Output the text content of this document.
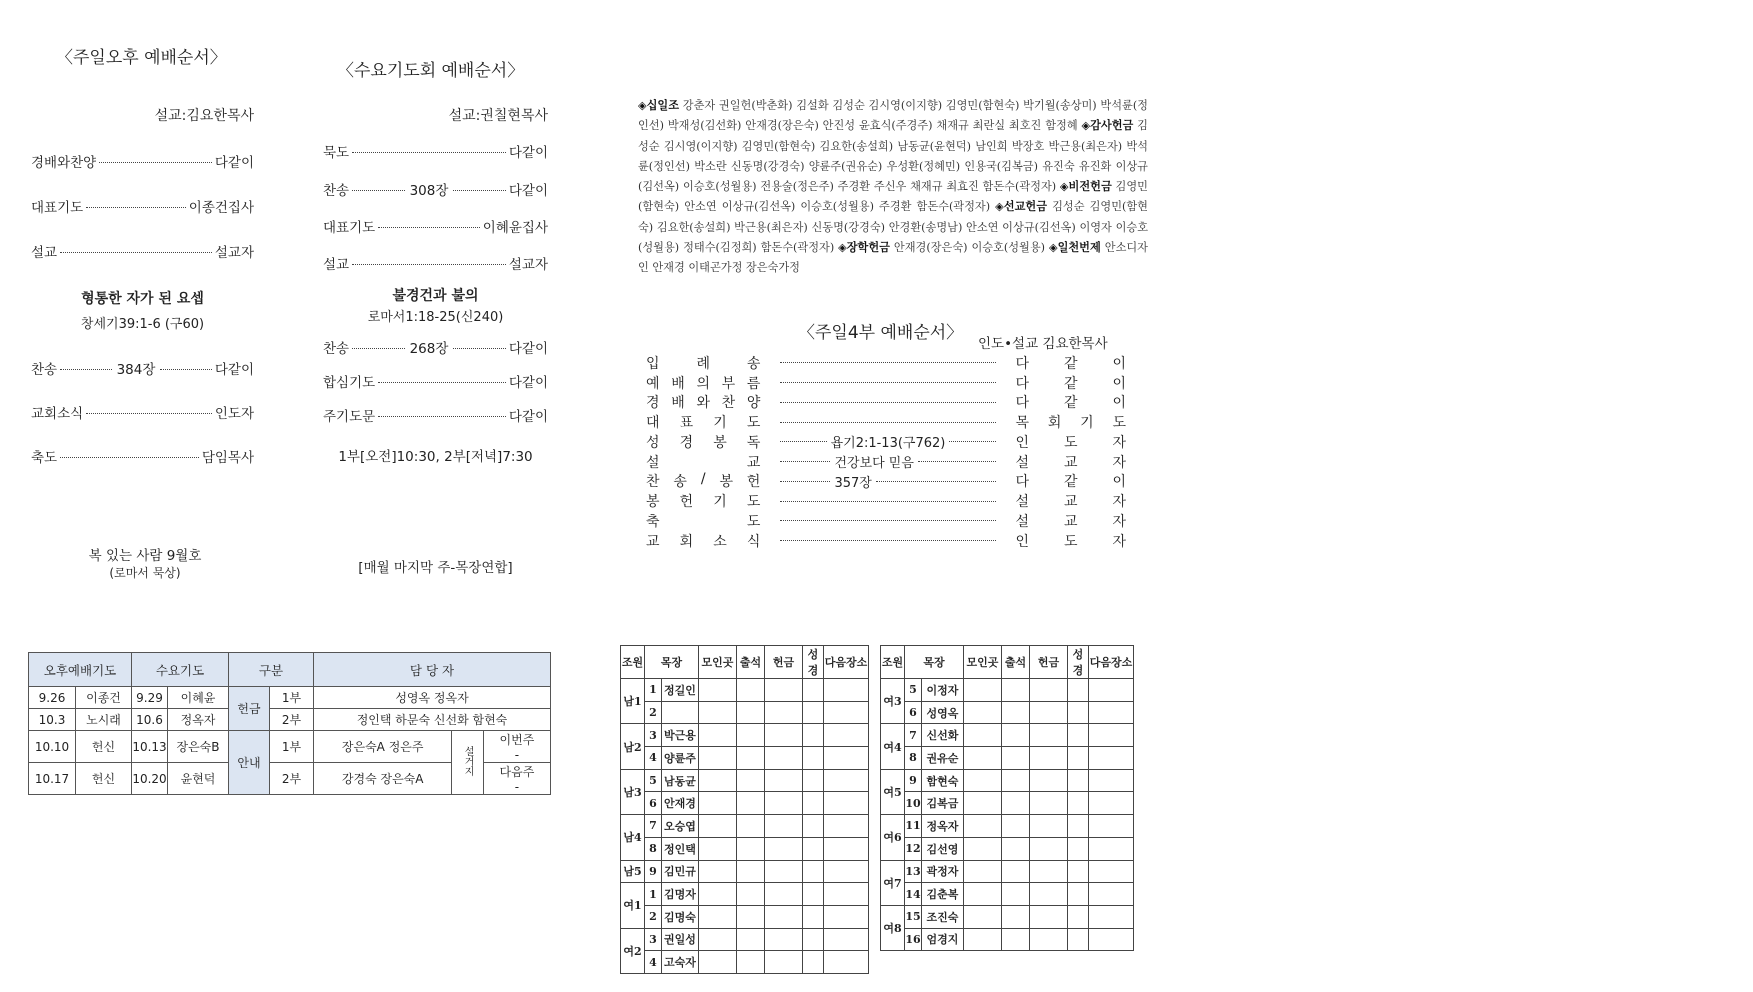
〈주일오후 예배순서〉
설교:김요한목사
경배와찬양	다같이
대표기도	이종건집사
설교	설교자
형통한 자가 된 요셉
창세기39:1-6 (구60)
찬송	384장	다같이
교회소식	인도자
축도	담임목사
복 있는 사람 9월호
(로마서 묵상)
〈수요기도회 예배순서〉
설교:권칠현목사
묵도	다같이
찬송	308장	다같이
대표기도	이혜윤집사
설교	설교자
불경건과 불의
로마서1:18-25(신240)
찬송	268장	다같이
합심기도	다같이
주기도문	다같이
1부[오전]10:30, 2부[저녁]7:30
[매월 마지막 주-목장연합]
◈십일조 강춘자 권일헌(박춘화) 김설화 김성순 김시영(이지향) 김영민(함현숙) 박기월(송상미) 박석륜(정인선) 박재성(김선화) 안재경(장은숙) 안진성 윤효식(주경주) 채재규 최란실 최호진 함정혜 ◈감사헌금 김성순 김시영(이지향) 김영민(함현숙) 김요한(송설희) 남동균(윤현덕) 남인희 박장호 박근용(최은자) 박석륜(정인선) 박소란 신동명(강경숙) 양륜주(권유순) 우성환(정혜민) 인용국(김복금) 유진숙 유진화 이상규(김선옥) 이승호(성월용) 전용술(정은주) 주경환 주신우 채재규 최효진 함돈수(곽정자) ◈비전헌금 김영민(함현숙) 안소연 이상규(김선옥) 이승호(성월용) 주경환 함돈수(곽정자) ◈선교헌금 김성순 김영민(함현숙) 김요한(송설희) 박근용(최은자) 신동명(강경숙) 안경환(송명남) 안소연 이상규(김선옥) 이영자 이승호(성월용) 정태수(김정희) 함돈수(곽정자) ◈장학헌금 안재경(장은숙) 이승호(성월용) ◈일천번제 안소디자인 안재경 이태곤가정 장은숙가정
〈주일4부 예배순서〉
인도•설교 김요한목사
입	례	송	다 같 이
예 배 의 부 름	다 같 이
경 배 와 찬 양	다 같 이
대 표 기 도	목 회 기 도
성 경 봉 독	욥기2:1-13(구762)	인 도 자
설	교	건강보다 믿음	설 교 자
찬 송 / 봉 헌	357장	다 같 이
봉 헌 기 도	설 교 자
축	도	설 교 자
교 회 소 식	인 도 자
오후예배기도		수요기도		구분		담 당 자		
9.26	이종건	9.29	이혜윤	헌금	1부	성영옥 정옥자		
10.3	노시래	10.6	정옥자		2부	정인택 하문숙 신선화 함현숙		
10.10	헌신	10.13	장은숙B	안내	1부	장은숙A 정은주	설거지	이번주-
10.17	헌신	10.20	윤현덕		2부	강경숙 장은숙A		다음주-
조원	목장		모인곳	출석	헌금	성경	다음장소
남1	1	정길인					
	2						
남2	3	박근용					
	4	양륜주					
남3	5	남동균					
	6	안재경					
남4	7	오승엽					
	8	정인택					
남5	9	김민규					
여1	1	김명자					
	2	김명숙					
여2	3	권일성					
	4	고숙자					
조원	목장		모인곳	출석	헌금	성경	다음장소
여3	5	이정자					
	6	성영옥					
여4	7	신선화					
	8	권유순					
여5	9	함현숙					
	10	김복금					
여6	11	정옥자					
	12	김선영					
여7	13	곽정자					
	14	김춘복					
여8	15	조진숙					
	16	엄경지					
